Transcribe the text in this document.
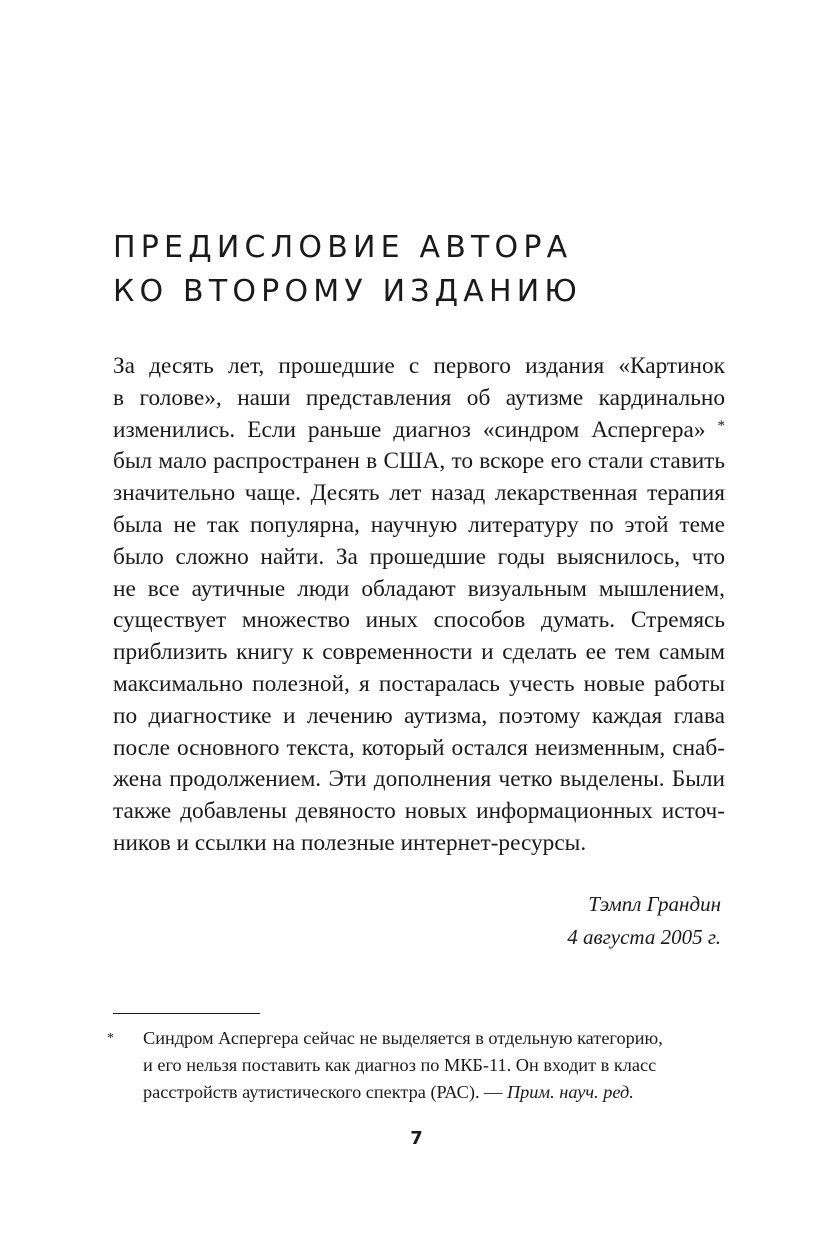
ПРЕДИСЛОВИЕ АВТОРА
КО ВТОРОМУ ИЗДАНИЮ
За десять лет, прошедшие с первого издания «Картинок
в голове», наши представления об аутизме кардинально
изменились. Если раньше диагноз «синдром Аспергера» *
был мало распространен в США, то вскоре его стали ставить
значительно чаще. Десять лет назад лекарственная терапия
была не так популярна, научную литературу по этой теме
было сложно найти. За прошедшие годы выяснилось, что
не все аутичные люди обладают визуальным мышлением,
существует множество иных способов думать. Стремясь
приблизить книгу к современности и сделать ее тем самым
максимально полезной, я постаралась учесть новые работы
по диагностике и лечению аутизма, поэтому каждая глава
после основного текста, который остался неизменным, снаб-
жена продолжением. Эти дополнения четко выделены. Были
также добавлены девяносто новых информационных источ-
ников и ссылки на полезные интернет-ресурсы.
Тэмпл Грандин
4 августа 2005 г.
* Синдром Аспергера сейчас не выделяется в отдельную категорию,
и его нельзя поставить как диагноз по МКБ-11. Он входит в класс
расстройств аутистического спектра (РАС). — Прим. науч. ред.
7
